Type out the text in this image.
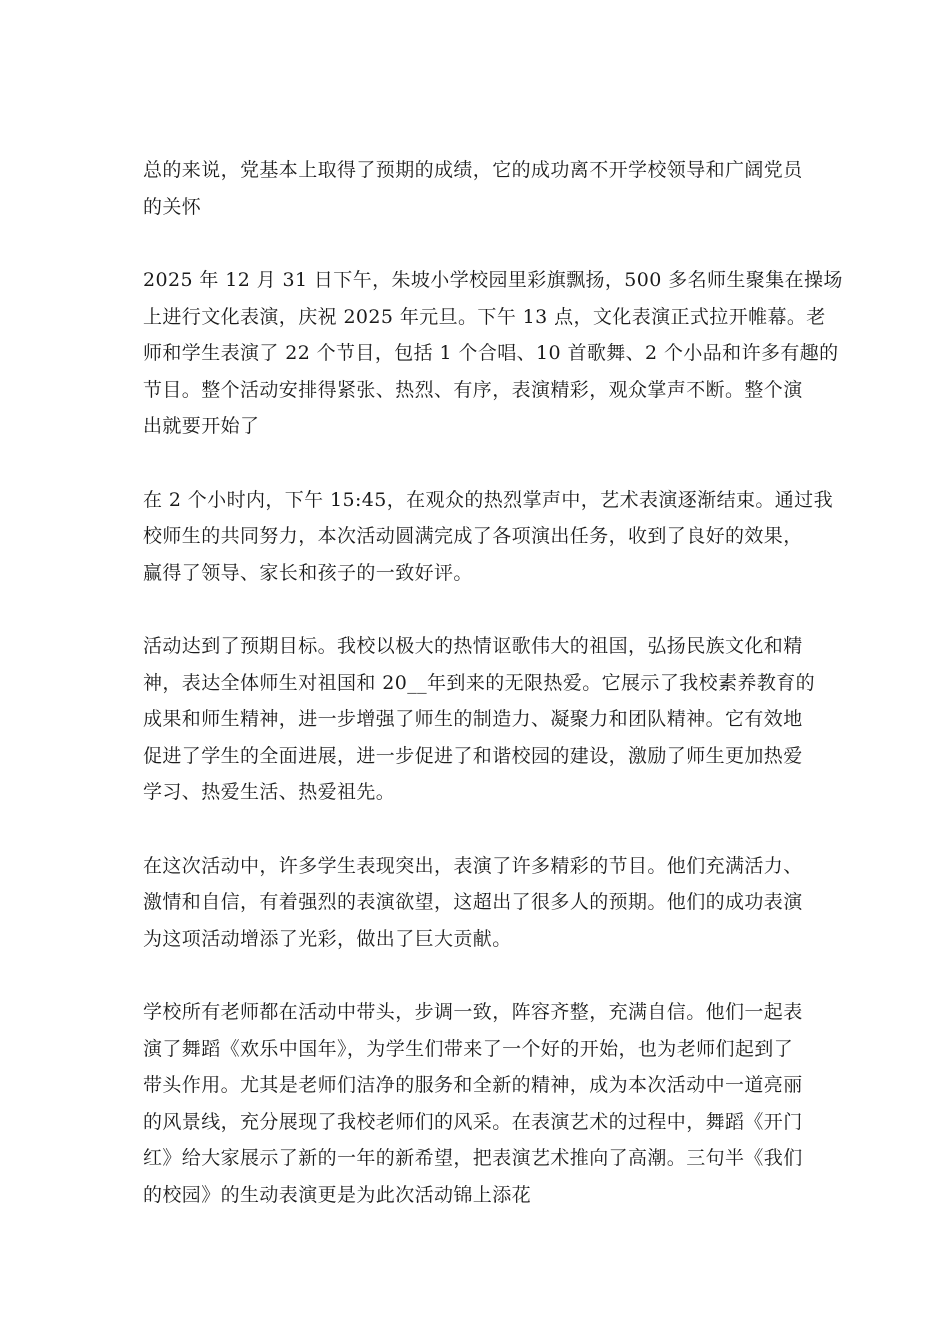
总的来说，党基本上取得了预期的成绩，它的成功离不开学校领导和广阔党员
的关怀

2025 年 12 月 31 日下午，朱坡小学校园里彩旗飘扬，500 多名师生聚集在操场
上进行文化表演，庆祝 2025 年元旦。下午 13 点，文化表演正式拉开帷幕。老
师和学生表演了 22 个节目，包括 1 个合唱、10 首歌舞、2 个小品和许多有趣的
节目。整个活动安排得紧张、热烈、有序，表演精彩，观众掌声不断。整个演
出就要开始了

在 2 个小时内，下午 15:45，在观众的热烈掌声中，艺术表演逐渐结束。通过我
校师生的共同努力，本次活动圆满完成了各项演出任务，收到了良好的效果，
赢得了领导、家长和孩子的一致好评。

活动达到了预期目标。我校以极大的热情讴歌伟大的祖国，弘扬民族文化和精
神，表达全体师生对祖国和 20__年到来的无限热爱。它展示了我校素养教育的
成果和师生精神，进一步增强了师生的制造力、凝聚力和团队精神。它有效地
促进了学生的全面进展，进一步促进了和谐校园的建设，激励了师生更加热爱
学习、热爱生活、热爱祖先。

在这次活动中，许多学生表现突出，表演了许多精彩的节目。他们充满活力、
激情和自信，有着强烈的表演欲望，这超出了很多人的预期。他们的成功表演
为这项活动增添了光彩，做出了巨大贡献。

学校所有老师都在活动中带头，步调一致，阵容齐整，充满自信。他们一起表
演了舞蹈《欢乐中国年》，为学生们带来了一个好的开始，也为老师们起到了
带头作用。尤其是老师们洁净的服务和全新的精神，成为本次活动中一道亮丽
的风景线，充分展现了我校老师们的风采。在表演艺术的过程中，舞蹈《开门
红》给大家展示了新的一年的新希望，把表演艺术推向了高潮。三句半《我们
的校园》的生动表演更是为此次活动锦上添花
